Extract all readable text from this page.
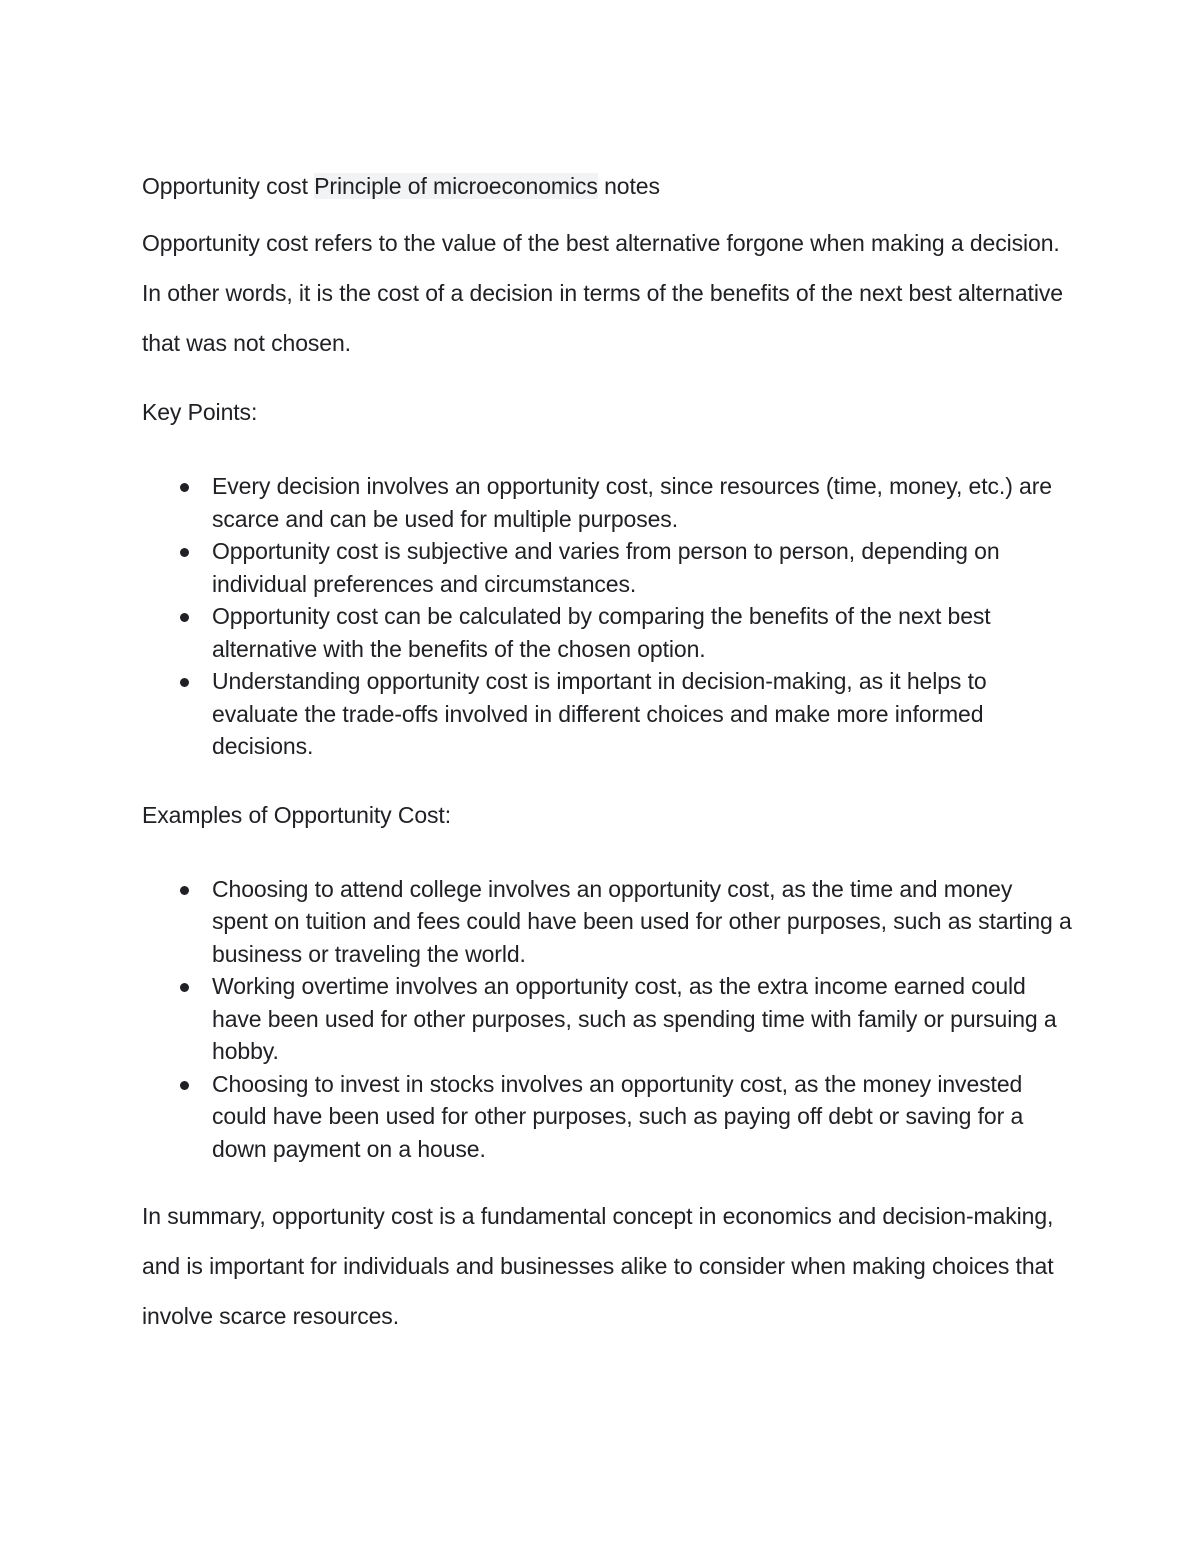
Opportunity cost Principle of microeconomics notes

Opportunity cost refers to the value of the best alternative forgone when making a decision. In other words, it is the cost of a decision in terms of the benefits of the next best alternative that was not chosen.

Key Points:

Every decision involves an opportunity cost, since resources (time, money, etc.) are scarce and can be used for multiple purposes.
Opportunity cost is subjective and varies from person to person, depending on individual preferences and circumstances.
Opportunity cost can be calculated by comparing the benefits of the next best alternative with the benefits of the chosen option.
Understanding opportunity cost is important in decision-making, as it helps to evaluate the trade-offs involved in different choices and make more informed decisions.

Examples of Opportunity Cost:

Choosing to attend college involves an opportunity cost, as the time and money spent on tuition and fees could have been used for other purposes, such as starting a business or traveling the world.
Working overtime involves an opportunity cost, as the extra income earned could have been used for other purposes, such as spending time with family or pursuing a hobby.
Choosing to invest in stocks involves an opportunity cost, as the money invested could have been used for other purposes, such as paying off debt or saving for a down payment on a house.

In summary, opportunity cost is a fundamental concept in economics and decision-making, and is important for individuals and businesses alike to consider when making choices that involve scarce resources.
